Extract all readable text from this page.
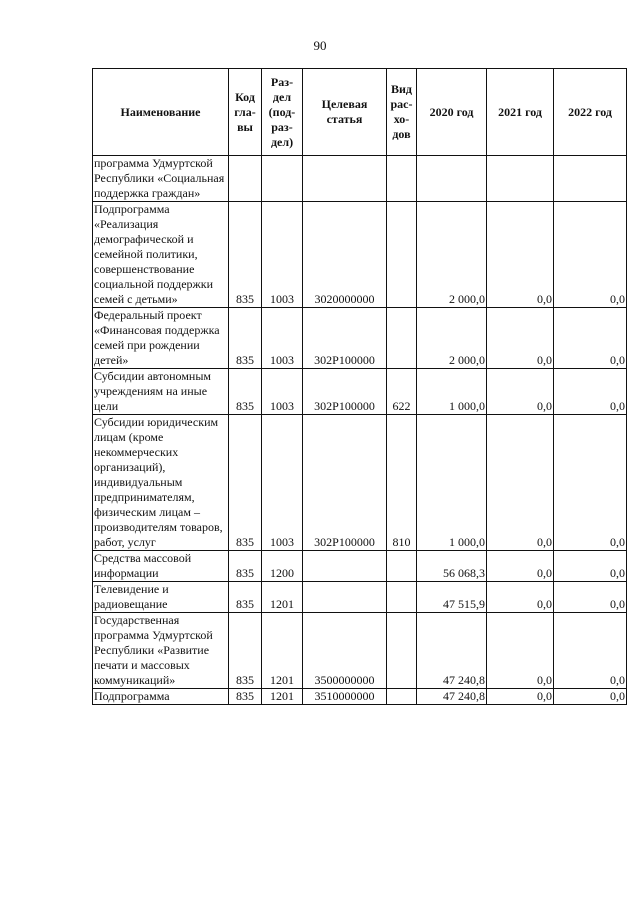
90
Наименование	Код гла-вы	Раз-дел (под-раз-дел)	Целевая статья	Вид рас-хо-дов	2020 год	2021 год	2022 год
программа Удмуртской Республики «Социальная поддержка граждан»							
Подпрограмма «Реализация демографической и семейной политики, совершенствование социальной поддержки семей с детьми»	835	1003	3020000000		2 000,0	0,0	0,0
Федеральный проект «Финансовая поддержка семей при рождении детей»	835	1003	302Р100000		2 000,0	0,0	0,0
Субсидии автономным учреждениям на иные цели	835	1003	302Р100000	622	1 000,0	0,0	0,0
Субсидии юридическим лицам (кроме некоммерческих организаций), индивидуальным предпринимателям, физическим лицам – производителям товаров, работ, услуг	835	1003	302Р100000	810	1 000,0	0,0	0,0
Средства массовой информации	835	1200			56 068,3	0,0	0,0
Телевидение и радиовещание	835	1201			47 515,9	0,0	0,0
Государственная программа Удмуртской Республики «Развитие печати и массовых коммуникаций»	835	1201	3500000000		47 240,8	0,0	0,0
Подпрограмма	835	1201	3510000000		47 240,8	0,0	0,0
